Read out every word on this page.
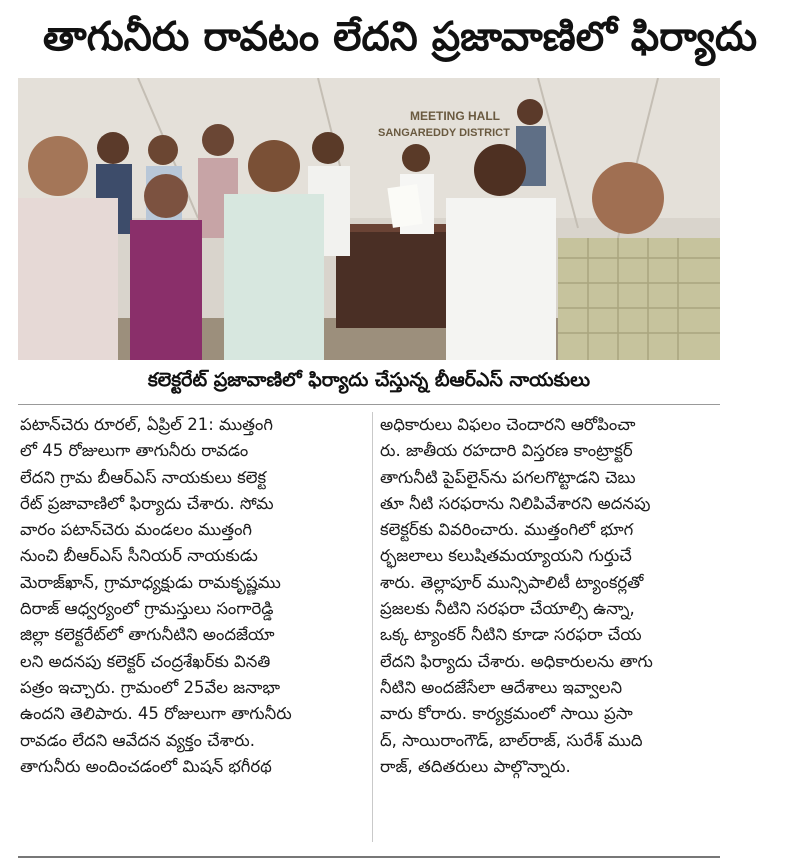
తాగునీరు రావటం లేదని ప్రజావాణిలో ఫిర్యాదు
MEETING HALL
SANGAREDDY DISTRICT
కలెక్టరేట్ ప్రజావాణిలో ఫిర్యాదు చేస్తున్న బీఆర్ఎస్ నాయకులు

పటాన్‌చెరు రూరల్, ఏప్రిల్ 21: ముత్తంగి

లో 45 రోజులుగా తాగునీరు రావడం

లేదని గ్రామ బీఆర్ఎస్ నాయకులు కలెక్ట

రేట్ ప్రజావాణిలో ఫిర్యాదు చేశారు. సోమ

వారం పటాన్‌చెరు మండలం ముత్తంగి

నుంచి బీఆర్ఎస్ సీనియర్ నాయకుడు

మెరాజ్‌ఖాన్, గ్రామాధ్యక్షుడు రామకృష్ణము

దిరాజ్ ఆధ్వర్యంలో గ్రామస్తులు సంగారెడ్డి

జిల్లా కలెక్టరేట్‌లో తాగునీటిని అందజేయా

లని అదనపు కలెక్టర్ చంద్రశేఖర్‌కు వినతి

పత్రం ఇచ్చారు. గ్రామంలో 25వేల జనాభా

ఉందని తెలిపారు. 45 రోజులుగా తాగునీరు

రావడం లేదని ఆవేదన వ్యక్తం చేశారు.

తాగునీరు అందించడంలో మిషన్ భగీరథ

అధికారులు విఫలం చెందారని ఆరోపించా

రు. జాతీయ రహదారి విస్తరణ కాంట్రాక్టర్

తాగునీటి పైప్‌లైన్‌ను పగలగొట్టాడని చెబు

తూ నీటి సరఫరాను నిలిపివేశారని అదనపు

కలెక్టర్‌కు వివరించారు. ముత్తంగిలో భూగ

ర్భజలాలు కలుషితమయ్యాయని గుర్తుచే

శారు. తెల్లాపూర్ మున్సిపాలిటీ ట్యాంకర్లతో

ప్రజలకు నీటిని సరఫరా చేయాల్సి ఉన్నా,

ఒక్క ట్యాంకర్ నీటిని కూడా సరఫరా చేయ

లేదని ఫిర్యాదు చేశారు. అధికారులను తాగు

నీటిని అందజేసేలా ఆదేశాలు ఇవ్వాలని

వారు కోరారు. కార్యక్రమంలో సాయి ప్రసా

ద్, సాయిరాంగౌడ్, బాల్‌రాజ్, సురేశ్ ముది

రాజ్, తదితరులు పాల్గొన్నారు.
